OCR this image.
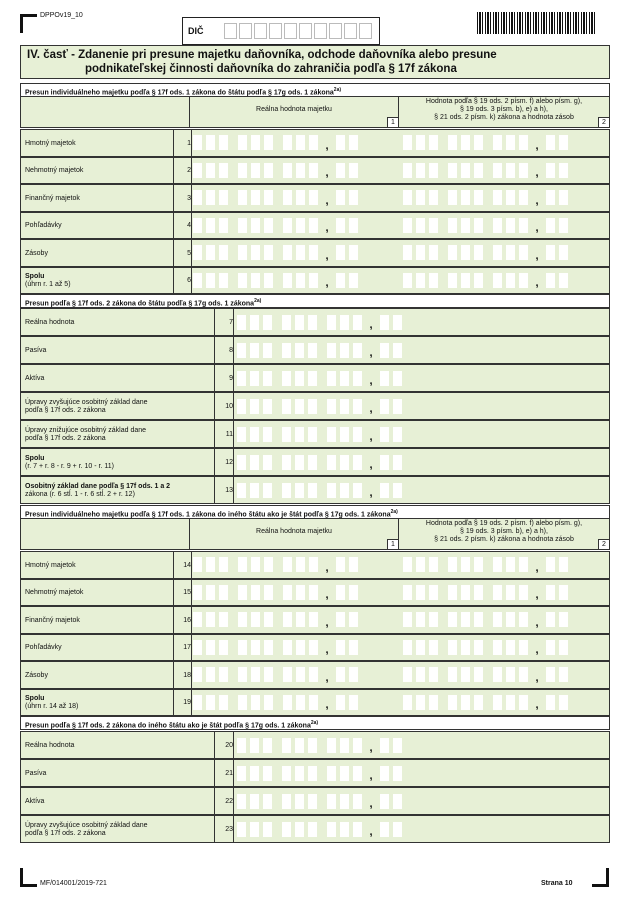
DPPOv19_10
DIČ
IV. časť - Zdanenie pri presune majetku daňovníka, odchode daňovníka alebo presune
podnikateľskej činnosti daňovníka do zahraničia podľa § 17f zákona
Presun individuálneho majetku podľa § 17f ods. 1 zákona do štátu podľa § 17g ods. 1 zákona$^{2a)}$
Reálna hodnota majetku
1
Hodnota podľa § 19 ods. 2 písm. f) alebo písm. g),
§ 19 ods. 3 písm. b), e) a h),
§ 21 ods. 2 písm. k) zákona a hodnota zásob
2
Hmotný majetok	1	,	,
Nehmotný majetok	2	,	,
Finančný majetok	3	,	,
Pohľadávky	4	,	,
Zásoby	5	,	,
Spolu
(úhrn r. 1 až 5)
6	,	,
Presun podľa § 17f ods. 2 zákona do štátu podľa § 17g ods. 1 zákona$^{2a)}$
Reálna hodnota	7	,
Pasíva	8	,
Aktíva	9	,
Úpravy zvyšujúce osobitný základ dane
podľa § 17f ods. 2 zákona
10	,
Úpravy znižujúce osobitný základ dane
podľa § 17f ods. 2 zákona
11	,
Spolu
(r. 7 + r. 8 - r. 9 + r. 10 - r. 11)
12	,
Osobitný základ dane podľa § 17f ods. 1 a 2
zákona (r. 6 stĺ. 1 - r. 6 stĺ. 2 + r. 12)
13	,
Presun individuálneho majetku podľa § 17f ods. 1 zákona do iného štátu ako je štát podľa § 17g ods. 1 zákona$^{2a)}$
Reálna hodnota majetku
1
Hodnota podľa § 19 ods. 2 písm. f) alebo písm. g),
§ 19 ods. 3 písm. b), e) a h),
§ 21 ods. 2 písm. k) zákona a hodnota zásob
2
Hmotný majetok	14	,	,
Nehmotný majetok	15	,	,
Finančný majetok	16	,	,
Pohľadávky	17	,	,
Zásoby	18	,	,
Spolu
(úhrn r. 14 až 18)
19	,	,
Presun podľa § 17f ods. 2 zákona do iného štátu ako je štát podľa § 17g ods. 1 zákona$^{2a)}$
Reálna hodnota	20	,
Pasíva	21	,
Aktíva	22	,
Úpravy zvyšujúce osobitný základ dane
podľa § 17f ods. 2 zákona
23	,
MF/014001/2019-721	Strana 10
